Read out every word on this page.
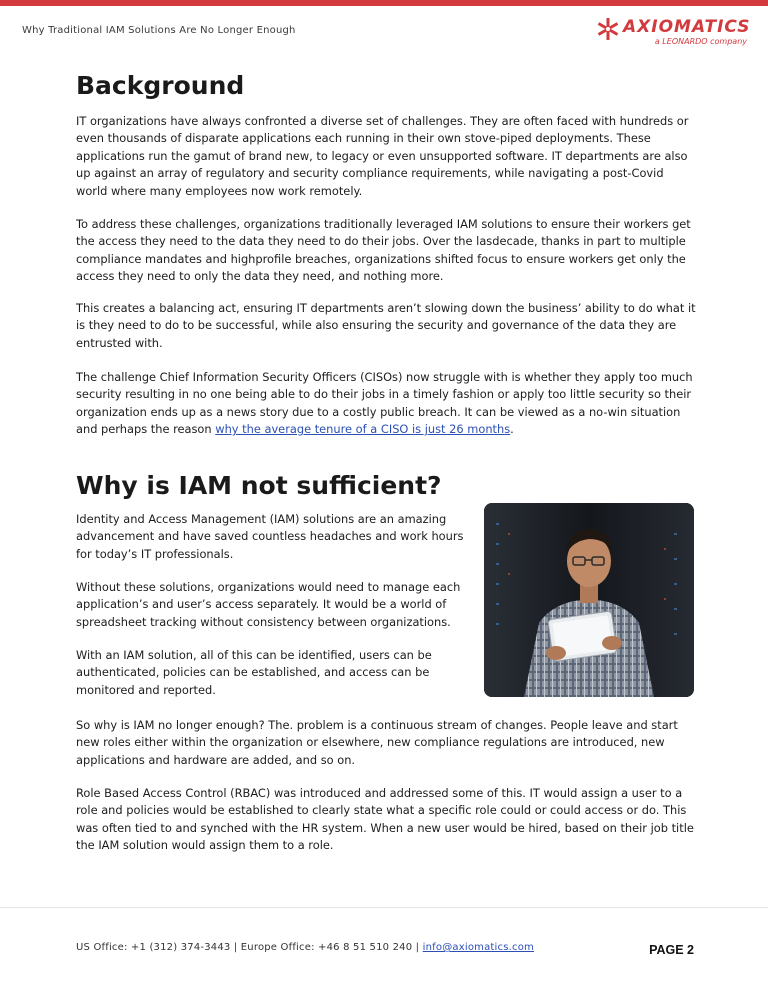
Why Traditional IAM Solutions Are No Longer Enough	AXIOMATICS
a LEONARDO company
Background

IT organizations have always confronted a diverse set of challenges. They are often faced with hundreds or even thousands of disparate applications each running in their own stove-piped deployments. These applications run the gamut of brand new, to legacy or even unsupported software. IT departments are also up against an array of regulatory and security compliance requirements, while navigating a post-Covid world where many employees now work remotely.

To address these challenges, organizations traditionally leveraged IAM solutions to ensure their workers get the access they need to the data they need to do their jobs. Over the lasdecade, thanks in part to multiple compliance mandates and highprofile breaches, organizations shifted focus to ensure workers get only the access they need to only the data they need, and nothing more.

This creates a balancing act, ensuring IT departments aren’t slowing down the business’ ability to do what it is they need to do to be successful, while also ensuring the security and governance of the data they are entrusted with.

The challenge Chief Information Security Officers (CISOs) now struggle with is whether they apply too much security resulting in no one being able to do their jobs in a timely fashion or apply too little security so their organization ends up as a news story due to a costly public breach. It can be viewed as a no-win situation and perhaps the reason why the average tenure of a CISO is just 26 months.

Why is IAM not sufficient?

Identity and Access Management (IAM) solutions are an amazing advancement and have saved countless headaches and work hours for today’s IT professionals.

Without these solutions, organizations would need to manage each application’s and user’s access separately. It would be a world of spreadsheet tracking without consistency between organizations.

With an IAM solution, all of this can be identified, users can be authenticated, policies can be established, and access can be monitored and reported.

So why is IAM no longer enough? The. problem is a continuous stream of changes. People leave and start new roles either within the organization or elsewhere, new compliance regulations are introduced, new applications and hardware are added, and so on.

Role Based Access Control (RBAC) was introduced and addressed some of this. IT would assign a user to a role and policies would be established to clearly state what a specific role could or could access or do. This was often tied to and synched with the HR system. When a new user would be hired, based on their job title the IAM solution would assign them to a role.

US Office: +1 (312) 374-3443 | Europe Office: +46 8 51 510 240 | info@axiomatics.com	PAGE 2
